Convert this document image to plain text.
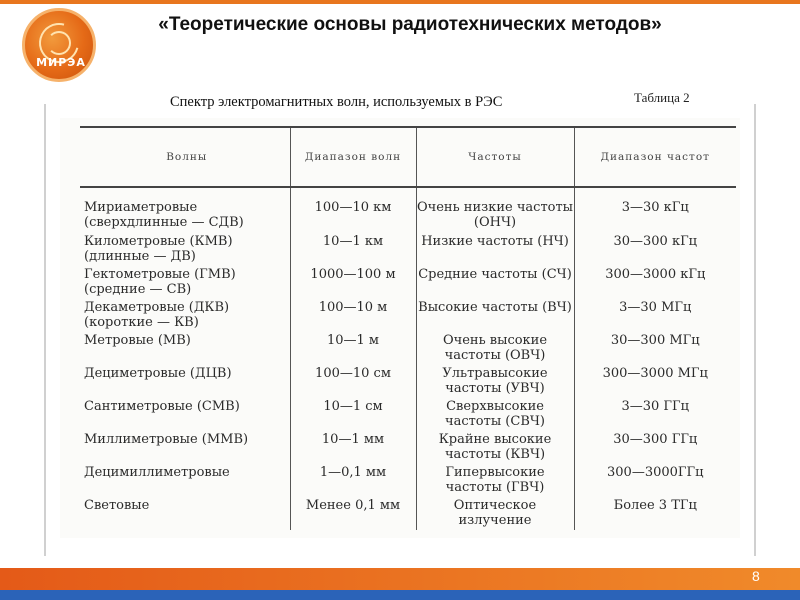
МИРЭА
«Теоретические основы радиотехнических методов»
Спектр электромагнитных волн, используемых в РЭС	Таблица 2
Волны	Диапазон волн	Частоты	Диапазон частот
Мириаметровые (сверхдлинные — СДВ)	100—10 км	Очень низкие частоты (ОНЧ)	3—30 кГц
Километровые (КМВ) (длинные — ДВ)	10—1 км	Низкие частоты (НЧ)	30—300 кГц
Гектометровые (ГМВ) (средние — СВ)	1000—100 м	Средние частоты (СЧ)	300—3000 кГц
Декаметровые (ДКВ) (короткие — КВ)	100—10 м	Высокие частоты (ВЧ)	3—30 МГц
Метровые (МВ)	10—1 м	Очень высокие частоты (ОВЧ)	30—300 МГц
Дециметровые (ДЦВ)	100—10 см	Ультравысокие частоты (УВЧ)	300—3000 МГц
Сантиметровые (СМВ)	10—1 см	Сверхвысокие частоты (СВЧ)	3—30 ГГц
Миллиметровые (ММВ)	10—1 мм	Крайне высокие частоты (КВЧ)	30—300 ГГц
Децимиллиметровые	1—0,1 мм	Гипервысокие частоты (ГВЧ)	300—3000ГГц
Световые	Менее 0,1 мм	Оптическое излучение	Более 3 ТГц
8
